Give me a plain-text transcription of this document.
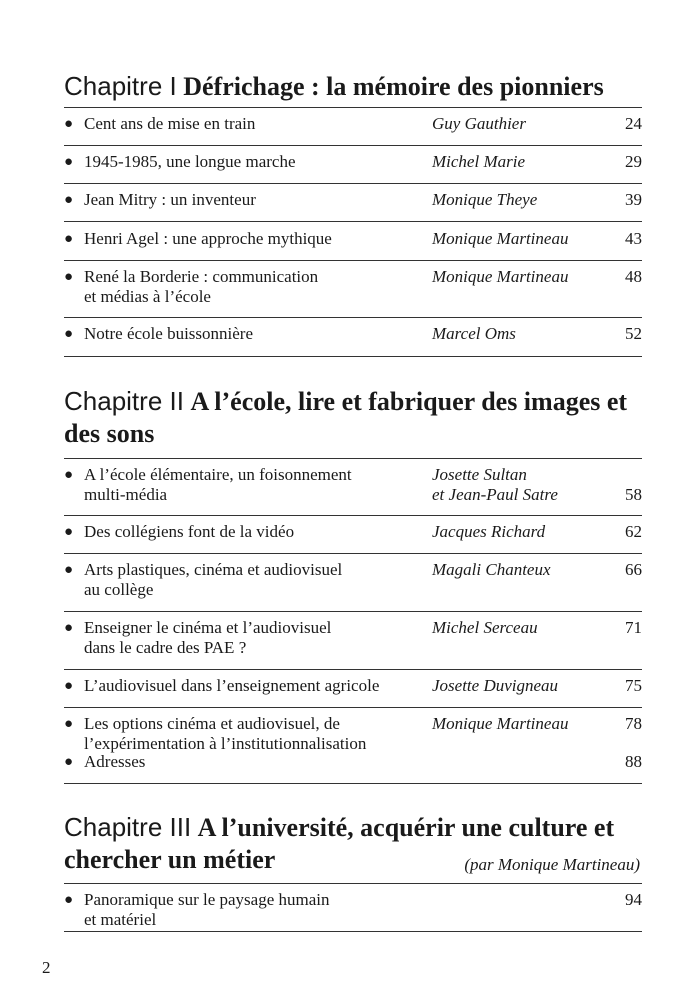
Chapitre I Défrichage : la mémoire des pionniers
● Cent ans de mise en train	Guy Gauthier	24
● 1945-1985, une longue marche	Michel Marie	29
● Jean Mitry : un inventeur	Monique Theye	39
● Henri Agel : une approche mythique	Monique Martineau	43
● René la Borderie : communication
et médias à l’école
Monique Martineau	48
● Notre école buissonnière	Marcel Oms	52
Chapitre II A l’école, lire et fabriquer des images et
des sons
● A l’école élémentaire, un foisonnement
multi-média
Josette Sultan
et Jean-Paul Satre	58
● Des collégiens font de la vidéo	Jacques Richard	62
● Arts plastiques, cinéma et audiovisuel
au collège
Magali Chanteux	66
● Enseigner le cinéma et l’audiovisuel
dans le cadre des PAE ?
Michel Serceau	71
● L’audiovisuel dans l’enseignement agricole	Josette Duvigneau	75
● Les options cinéma et audiovisuel, de
l’expérimentation à l’institutionnalisation
Monique Martineau	78
● Adresses	88
Chapitre III A l’université, acquérir une culture et
chercher un métier	(par Monique Martineau)
● Panoramique sur le paysage humain
et matériel
94
2
